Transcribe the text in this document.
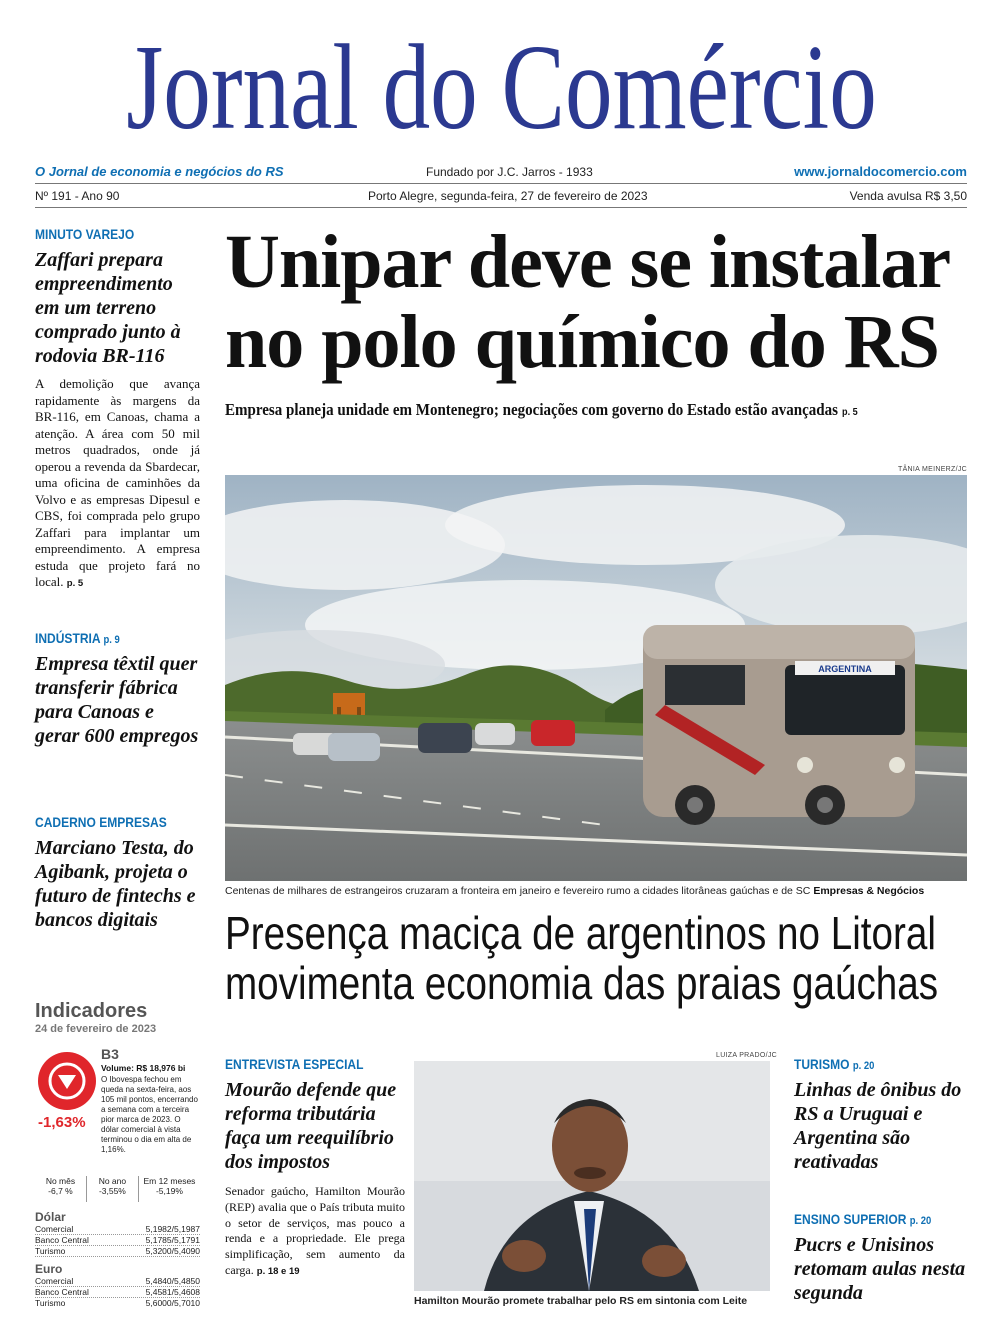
Jornal do Comércio
O Jornal de economia e negócios do RS	Fundado por J.C. Jarros - 1933	www.jornaldocomercio.com
Nº 191 - Ano 90	Porto Alegre, segunda-feira, 27 de fevereiro de 2023	Venda avulsa R$ 3,50
MINUTO VAREJO
Zaffari prepara empreendimento em um terreno comprado junto à rodovia BR-116
A demolição que avança rapidamente às margens da BR-116, em Canoas, chama a atenção. A área com 50 mil metros quadrados, onde já operou a revenda da Sbardecar, uma oficina de caminhões da Volvo e as empresas Dipesul e CBS, foi comprada pelo grupo Zaffari para implantar um empreendimento. A empresa estuda que projeto fará no local. p. 5
INDÚSTRIA p. 9
Empresa têxtil quer transferir fábrica para Canoas e gerar 600 empregos
CADERNO EMPRESAS
Marciano Testa, do Agibank, projeta o futuro de fintechs e bancos digitais
Indicadores
24 de fevereiro de 2023
-1,63%
B3
Volume: R$ 18,976 bi
O Ibovespa fechou em queda na sexta-feira, aos 105 mil pontos, encerrando a semana com a terceira pior marca de 2023. O dólar comercial à vista terminou o dia em alta de 1,16%.
No mês
-6,7 %
No ano
-3,55%
Em 12 meses
-5,19%
Dólar
Comercial	5,1982/5,1987
Banco Central	5,1785/5,1791
Turismo	5,3200/5,4090
Euro
Comercial	5,4840/5,4850
Banco Central	5,4581/5,4608
Turismo	5,6000/5,7010
Unipar deve se instalar
no polo químico do RS
Empresa planeja unidade em Montenegro; negociações com governo do Estado estão avançadas p. 5
TÂNIA MEINERZ/JC
ARGENTINA
Centenas de milhares de estrangeiros cruzaram a fronteira em janeiro e fevereiro rumo a cidades litorâneas gaúchas e de SC Empresas & Negócios
Presença maciça de argentinos no Litoral
movimenta economia das praias gaúchas
ENTREVISTA ESPECIAL
Mourão defende que reforma tributária faça um reequilíbrio dos impostos
Senador gaúcho, Hamilton Mourão (REP) avalia que o País tributa muito o setor de serviços, mas pouco a renda e a propriedade. Ele prega simplificação, sem aumento da carga. p. 18 e 19
LUIZA PRADO/JC
Hamilton Mourão promete trabalhar pelo RS em sintonia com Leite
TURISMO p. 20
Linhas de ônibus do RS a Uruguai e Argentina são reativadas
ENSINO SUPERIOR p. 20
Pucrs e Unisinos retomam aulas nesta segunda
